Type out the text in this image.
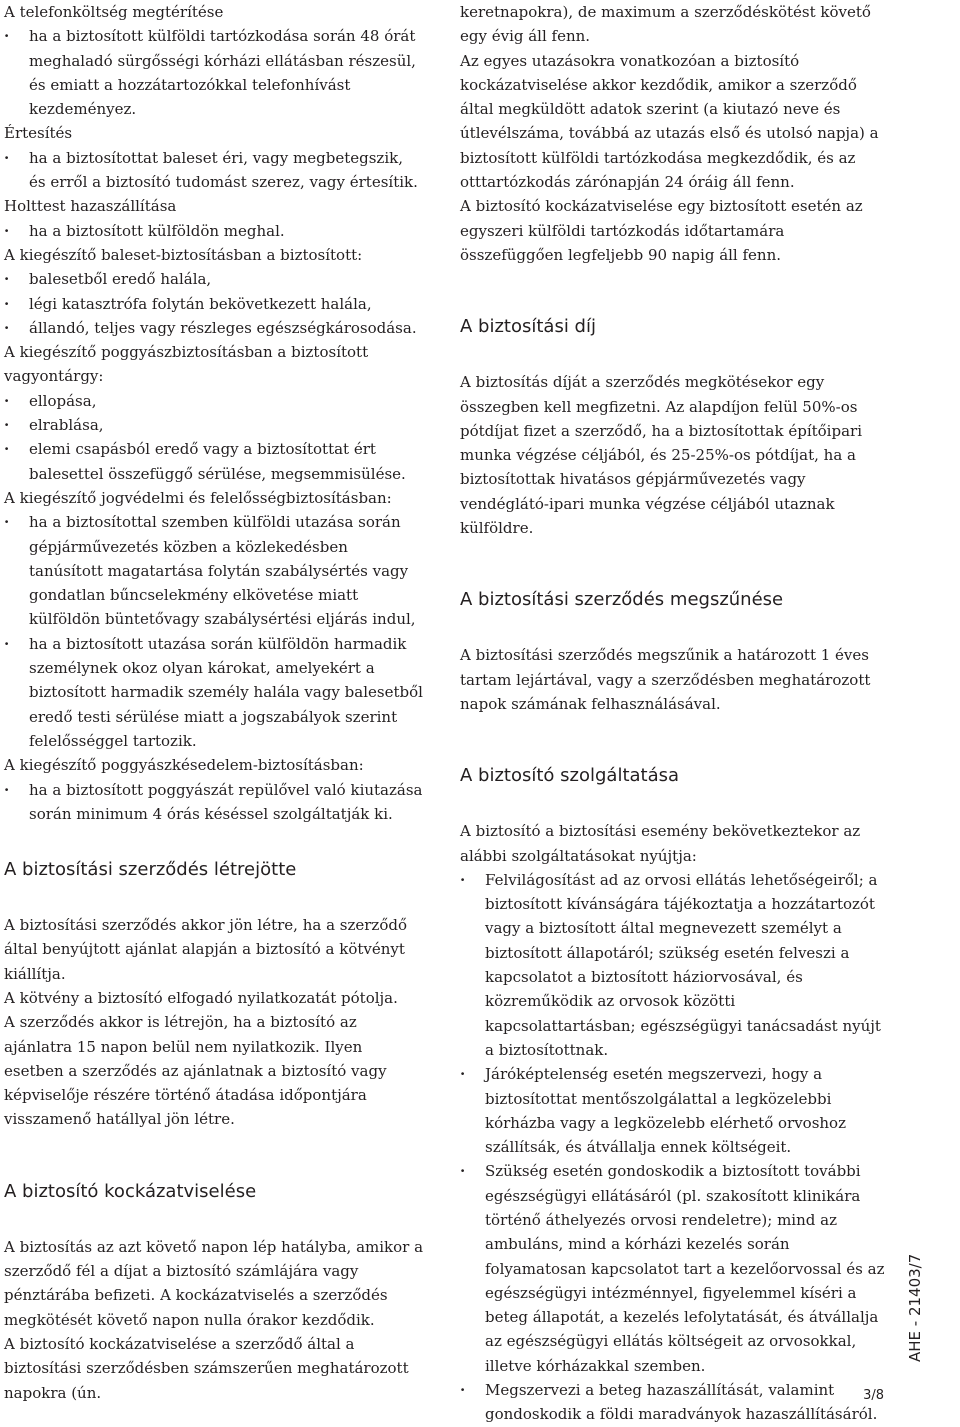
A telefonköltség megtérítése

· ha a biztosított külföldi tartózkodása során 48 órát meghaladó sürgősségi kórházi ellátásban részesül, és emiatt a hozzátartozókkal telefonhívást kezdeményez.

Értesítés

· ha a biztosítottat baleset éri, vagy megbetegszik, és erről a biztosító tudomást szerez, vagy értesítik.

Holttest hazaszállítása

· ha a biztosított külföldön meghal.

A kiegészítő baleset-biztosításban a biztosított:

· balesetből eredő halála,
· légi katasztrófa folytán bekövetkezett halála,
· állandó, teljes vagy részleges egészségkárosodása.

A kiegészítő poggyászbiztosításban a biztosított vagyontárgy:

· ellopása,
· elrablása,
· elemi csapásból eredő vagy a biztosítottat ért balesettel összefüggő sérülése, megsemmisülése.

A kiegészítő jogvédelmi és felelősségbiztosításban:

· ha a biztosítottal szemben külföldi utazása során gépjárművezetés közben a közlekedésben tanúsított magatartása folytán szabálysértés vagy gondatlan bűncselekmény elkövetése miatt külföldön büntetővagy szabálysértési eljárás indul,
· ha a biztosított utazása során külföldön harmadik személynek okoz olyan károkat, amelyekért a biztosított harmadik személy halála vagy balesetből eredő testi sérülése miatt a jogszabályok szerint felelősséggel tartozik.

A kiegészítő poggyászkésedelem-biztosításban:

· ha a biztosított poggyászát repülővel való kiutazása során minimum 4 órás késéssel szolgáltatják ki.
A biztosítási szerződés létrejötte

A biztosítási szerződés akkor jön létre, ha a szerződő által benyújtott ajánlat alapján a biztosító a kötvényt kiállítja.

A kötvény a biztosító elfogadó nyilatkozatát pótolja.

A szerződés akkor is létrejön, ha a biztosító az ajánlatra 15 napon belül nem nyilatkozik. Ilyen esetben a szerződés az ajánlatnak a biztosító vagy képviselője részére történő átadása időpontjára visszamenő hatállyal jön létre.

A biztosító kockázatviselése

A biztosítás az azt követő napon lép hatályba, amikor a szerződő fél a díjat a biztosító számlájára vagy pénztárába befizeti. A kockázatviselés a szerződés megkötését követő napon nulla órakor kezdődik.

A biztosító kockázatviselése a szerződő által a biztosítási szerződésben számszerűen meghatározott napokra (ún.

keretnapokra), de maximum a szerződéskötést követő egy évig áll fenn.

Az egyes utazásokra vonatkozóan a biztosító kockázatviselése akkor kezdődik, amikor a szerződő által megküldött adatok szerint (a kiutazó neve és útlevélszáma, továbbá az utazás első és utolsó napja) a biztosított külföldi tartózkodása megkezdődik, és az otttartózkodás zárónapján 24 óráig áll fenn.

A biztosító kockázatviselése egy biztosított esetén az egyszeri külföldi tartózkodás időtartamára összefüggően legfeljebb 90 napig áll fenn.

A biztosítási díj

A biztosítás díját a szerződés megkötésekor egy összegben kell megfizetni. Az alapdíjon felül 50%-os pótdíjat fizet a szerződő, ha a biztosítottak építőipari munka végzése céljából, és 25-25%-os pótdíjat, ha a biztosítottak hivatásos gépjárművezetés vagy vendéglátó-ipari munka végzése céljából utaznak külföldre.

A biztosítási szerződés megszűnése

A biztosítási szerződés megszűnik a határozott 1 éves tartam lejártával, vagy a szerződésben meghatározott napok számának felhasználásával.

A biztosító szolgáltatása

A biztosító a biztosítási esemény bekövetkeztekor az alábbi szolgáltatásokat nyújtja:

· Felvilágosítást ad az orvosi ellátás lehetőségeiről; a biztosított kívánságára tájékoztatja a hozzátartozót vagy a biztosított által megnevezett személyt a biztosított állapotáról; szükség esetén felveszi a kapcsolatot a biztosított háziorvosával, és közreműködik az orvosok közötti kapcsolattartásban; egészségügyi tanácsadást nyújt a biztosítottnak.
· Járóképtelenség esetén megszervezi, hogy a biztosítottat mentőszolgálattal a legközelebbi kórházba vagy a legközelebb elérhető orvoshoz szállítsák, és átvállalja ennek költségeit.
· Szükség esetén gondoskodik a biztosított további egészségügyi ellátásáról (pl. szakosított klinikára történő áthelyezés orvosi rendeletre); mind az ambuláns, mind a kórházi kezelés során folyamatosan kapcsolatot tart a kezelőorvossal és az egészségügyi intézménnyel, figyelemmel kíséri a beteg állapotát, a kezelés lefolytatását, és átvállalja az egészségügyi ellátás költségeit az orvosokkal, illetve kórházakkal szemben.
· Megszervezi a beteg hazaszállítását, valamint gondoskodik a földi maradványok hazaszállításáról.
AHE - 21403/7
3/8
